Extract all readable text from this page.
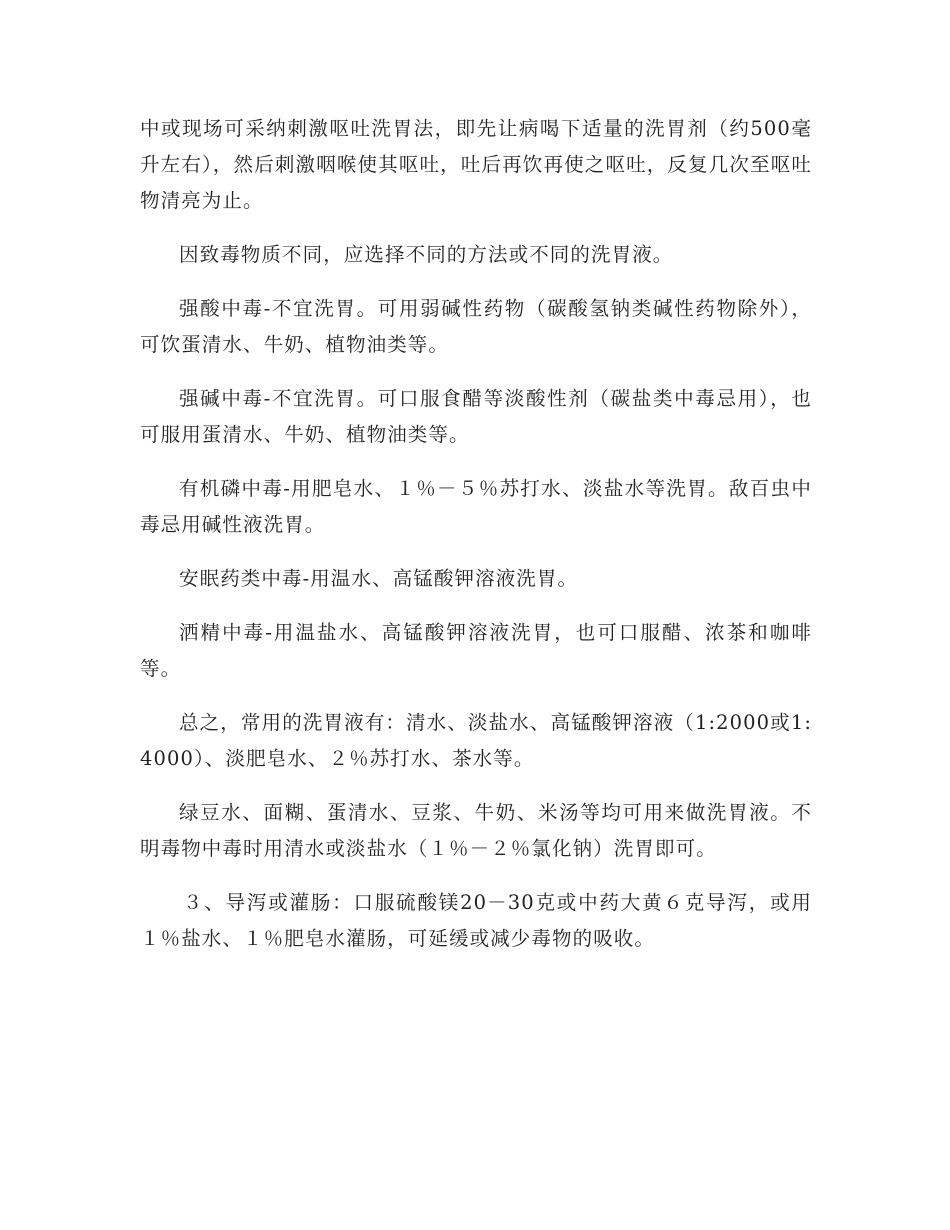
中或现场可采纳刺激呕吐洗胃法，即先让病喝下适量的洗胃剂（约500毫升左右），然后刺激咽喉使其呕吐，吐后再饮再使之呕吐，反复几次至呕吐物清亮为止。

因致毒物质不同，应选择不同的方法或不同的洗胃液。

强酸中毒-不宜洗胃。可用弱碱性药物（碳酸氢钠类碱性药物除外），可饮蛋清水、牛奶、植物油类等。

强碱中毒-不宜洗胃。可口服食醋等淡酸性剂（碳盐类中毒忌用），也可服用蛋清水、牛奶、植物油类等。

有机磷中毒-用肥皂水、１％－５％苏打水、淡盐水等洗胃。敌百虫中毒忌用碱性液洗胃。

安眠药类中毒-用温水、高锰酸钾溶液洗胃。

洒精中毒-用温盐水、高锰酸钾溶液洗胃，也可口服醋、浓茶和咖啡等。

总之，常用的洗胃液有：清水、淡盐水、高锰酸钾溶液（1:2000或1:4000）、淡肥皂水、２％苏打水、茶水等。

绿豆水、面糊、蛋清水、豆浆、牛奶、米汤等均可用来做洗胃液。不明毒物中毒时用清水或淡盐水（１％－２％氯化钠）洗胃即可。

３、导泻或灌肠：口服硫酸镁20－30克或中药大黄６克导泻，或用１％盐水、１％肥皂水灌肠，可延缓或减少毒物的吸收。
